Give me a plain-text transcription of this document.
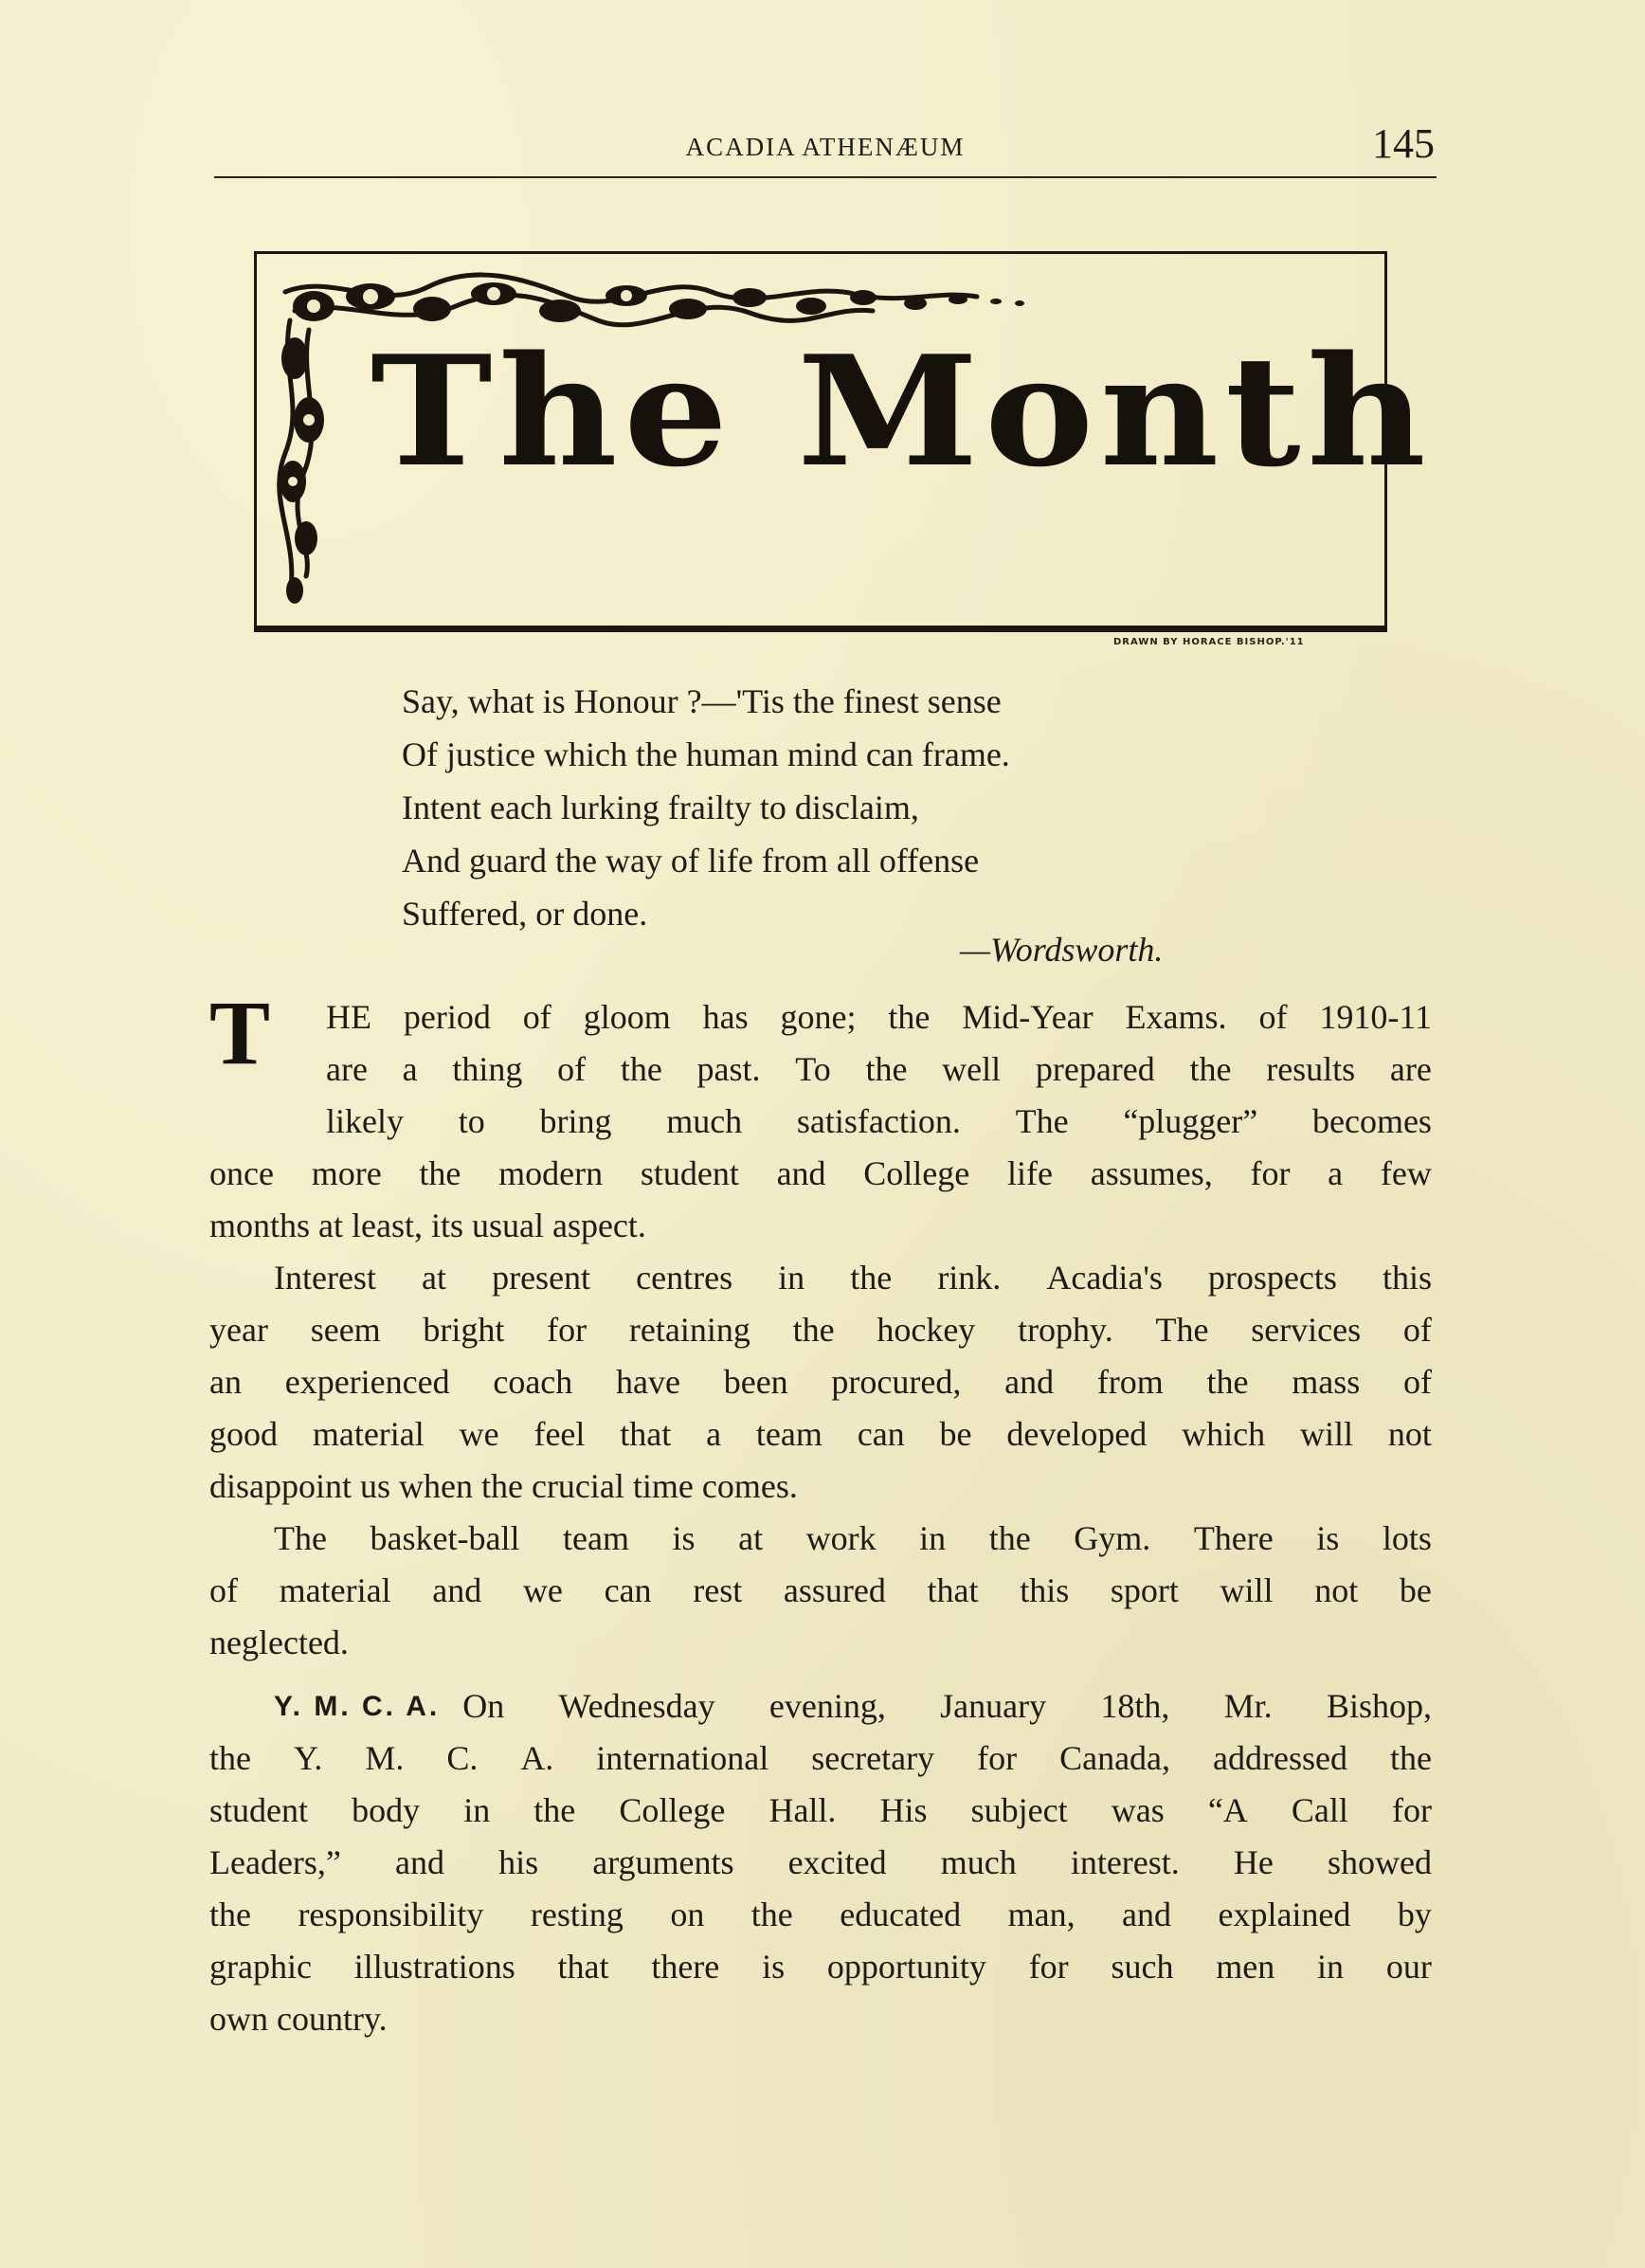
ACADIA ATHENÆUM	145
The Month
DRAWN BY HORACE BISHOP.'11
Say, what is Honour ?—'Tis the finest sense
Of justice which the human mind can frame.
Intent each lurking frailty to disclaim,
And guard the way of life from all offense
Suffered, or done.
—Wordsworth.
T HE period of gloom has gone; the Mid-Year Exams. of 1910-11
are a thing of the past. To the well prepared the results are
likely to bring much satisfaction. The “plugger” becomes
once more the modern student and College life assumes, for a few
months at least, its usual aspect.
Interest at present centres in the rink. Acadia's prospects this
year seem bright for retaining the hockey trophy. The services of
an experienced coach have been procured, and from the mass of
good material we feel that a team can be developed which will not
disappoint us when the crucial time comes.
The basket-ball team is at work in the Gym. There is lots
of material and we can rest assured that this sport will not be
neglected.
Y. M. C. A. On Wednesday evening, January 18th, Mr. Bishop,
the Y. M. C. A. international secretary for Canada, addressed the
student body in the College Hall. His subject was “A Call for
Leaders,” and his arguments excited much interest. He showed
the responsibility resting on the educated man, and explained by
graphic illustrations that there is opportunity for such men in our
own country.
